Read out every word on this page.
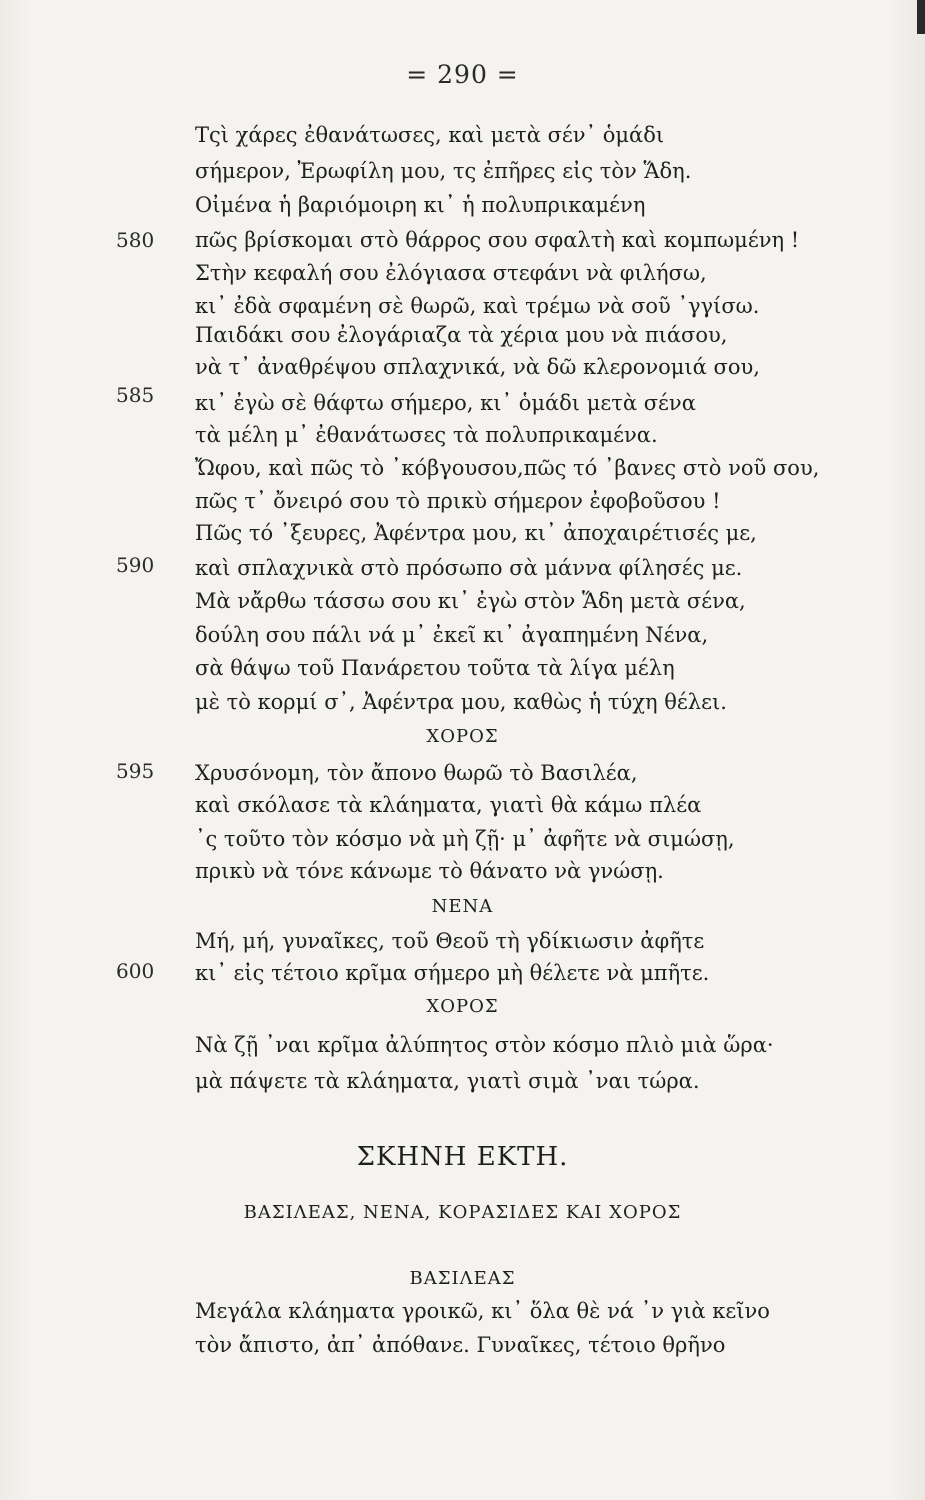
= 290 =
580
585
590
595
600
Τςὶ χάρες ἐθανάτωσες, καὶ μετὰ σέν᾽ ὁμάδι
σήμερον, Ἐρωφίλη μου, τς ἐπῆρες εἰς τὸν Ἅδη.
Οἰμένα ἡ βαριόμοιρη κι᾽ ἡ πολυπρικαμένη
πῶς βρίσκομαι στὸ θάρρος σου σφαλτὴ καὶ κομπωμένη !
Στὴν κεφαλή σου ἐλόγιασα στεφάνι νὰ φιλήσω,
κι᾽ ἐδὰ σφαμένη σὲ θωρῶ, καὶ τρέμω νὰ σοῦ ᾽γγίσω.
Παιδάκι σου ἐλογάριαζα τὰ χέρια μου νὰ πιάσου,
νὰ τ᾽ ἀναθρέψου σπλαχνικά, νὰ δῶ κλερονομιά σου,
κι᾽ ἐγὼ σὲ θάφτω σήμερο, κι᾽ ὁμάδι μετὰ σένα
τὰ μέλη μ᾽ ἐθανάτωσες τὰ πολυπρικαμένα.
Ὤφου, καὶ πῶς τὸ ᾽κόβγουσου,πῶς τό ᾽βανες στὸ νοῦ σου,
πῶς τ᾽ ὄνειρό σου τὸ πρικὺ σήμερον ἐφοβοῦσου !
Πῶς τό ᾽ξευρες, Ἀφέντρα μου, κι᾽ ἀποχαιρέτισές με,
καὶ σπλαχνικὰ στὸ πρόσωπο σὰ μάννα φίλησές με.
Μὰ νἄρθω τάσσω σου κι᾽ ἐγὼ στὸν Ἅδη μετὰ σένα,
δούλη σου πάλι νά μ᾽ ἐκεῖ κι᾽ ἀγαπημένη Νένα,
σὰ θάψω τοῦ Πανάρετου τοῦτα τὰ λίγα μέλη
μὲ τὸ κορμί σ᾽, Ἀφέντρα μου, καθὼς ἡ τύχη θέλει.
ΧΟΡΟΣ
Χρυσόνομη, τὸν ἄπονο θωρῶ τὸ Βασιλέα,
καὶ σκόλασε τὰ κλάηματα, γιατὶ θὰ κάμω πλέα
᾽ς τοῦτο τὸν κόσμο νὰ μὴ ζῇ· μ᾽ ἀφῆτε νὰ σιμώσῃ,
πρικὺ νὰ τόνε κάνωμε τὸ θάνατο νὰ γνώσῃ.
ΝΕΝΑ
Μή, μή, γυναῖκες, τοῦ Θεοῦ τὴ γδίκιωσιν ἀφῆτε
κι᾽ εἰς τέτοιο κρῖμα σήμερο μὴ θέλετε νὰ μπῆτε.
ΧΟΡΟΣ
Νὰ ζῇ ᾽ναι κρῖμα ἀλύπητος στὸν κόσμο πλιὸ μιὰ ὥρα·
μὰ πάψετε τὰ κλάηματα, γιατὶ σιμὰ ᾽ναι τώρα.
ΣΚΗΝΗ ΕΚΤΗ.
ΒΑΣΙΛΕΑΣ, ΝΕΝΑ, ΚΟΡΑΣΙΔΕΣ ΚΑΙ ΧΟΡΟΣ
ΒΑΣΙΛΕΑΣ
Μεγάλα κλάηματα γροικῶ, κι᾽ ὅλα θὲ νά ᾽ν γιὰ κεῖνο
τὸν ἄπιστο, ἀπ᾽ ἀπόθανε. Γυναῖκες, τέτοιο θρῆνο
